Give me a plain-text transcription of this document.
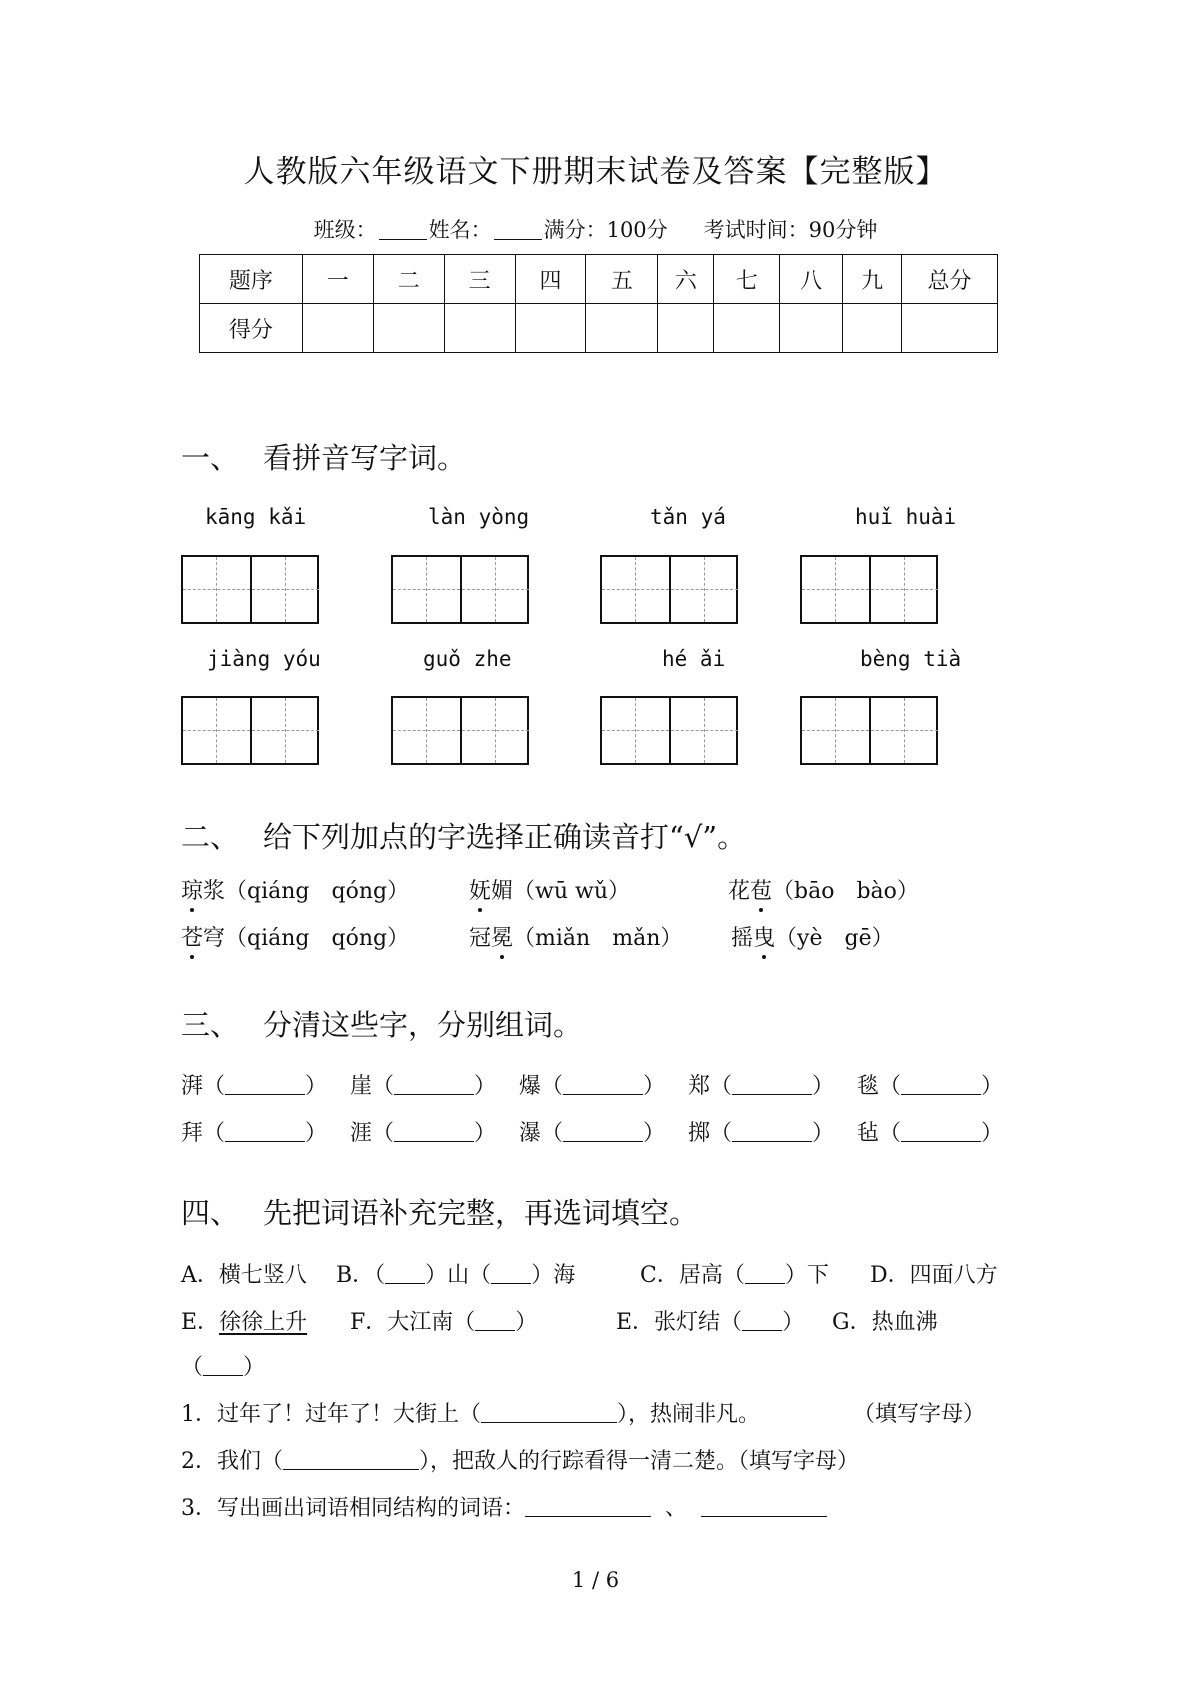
人教版六年级语文下册期末试卷及答案【完整版】
班级： 姓名： 满分：100分 考试时间：90分钟
题序	一	二	三	四	五	六	七	八	九	总分
得分										
一、 看拼音写字词。
kāng kǎi	làn yòng	tǎn yá	huǐ huài
jiàng yóu	guǒ zhe	hé ǎi	bèng tià
二、 给下列加点的字选择正确读音打“√”。
琼浆（qiáng　qóng）	妩媚（wū wǔ）	花苞（bāo　bào）
苍穹（qiáng　qóng）	冠冕（miǎn　mǎn） 摇曳（yè　gē）
三、 分清这些字，分别组词。
湃（	） 崖（	） 爆（	） 郑（	） 毯（	）
拜（	） 涯（	） 瀑（	） 掷（	） 毡（	）
四、 先把词语补充完整，再选词填空。
A．横七竖八 B．（ ）山（ ）海	C．居高（ ）下 D．四面八方
E．徐徐上升 F．大江南（ ）	E．张灯结（ ） G．热血沸
（ ）
1．过年了！过年了！大街上（	），热闹非凡。	（填写字母）
2．我们（	），把敌人的行踪看得一清二楚。（填写字母）
3．写出画出词语相同结构的词语：	、
1 / 6
